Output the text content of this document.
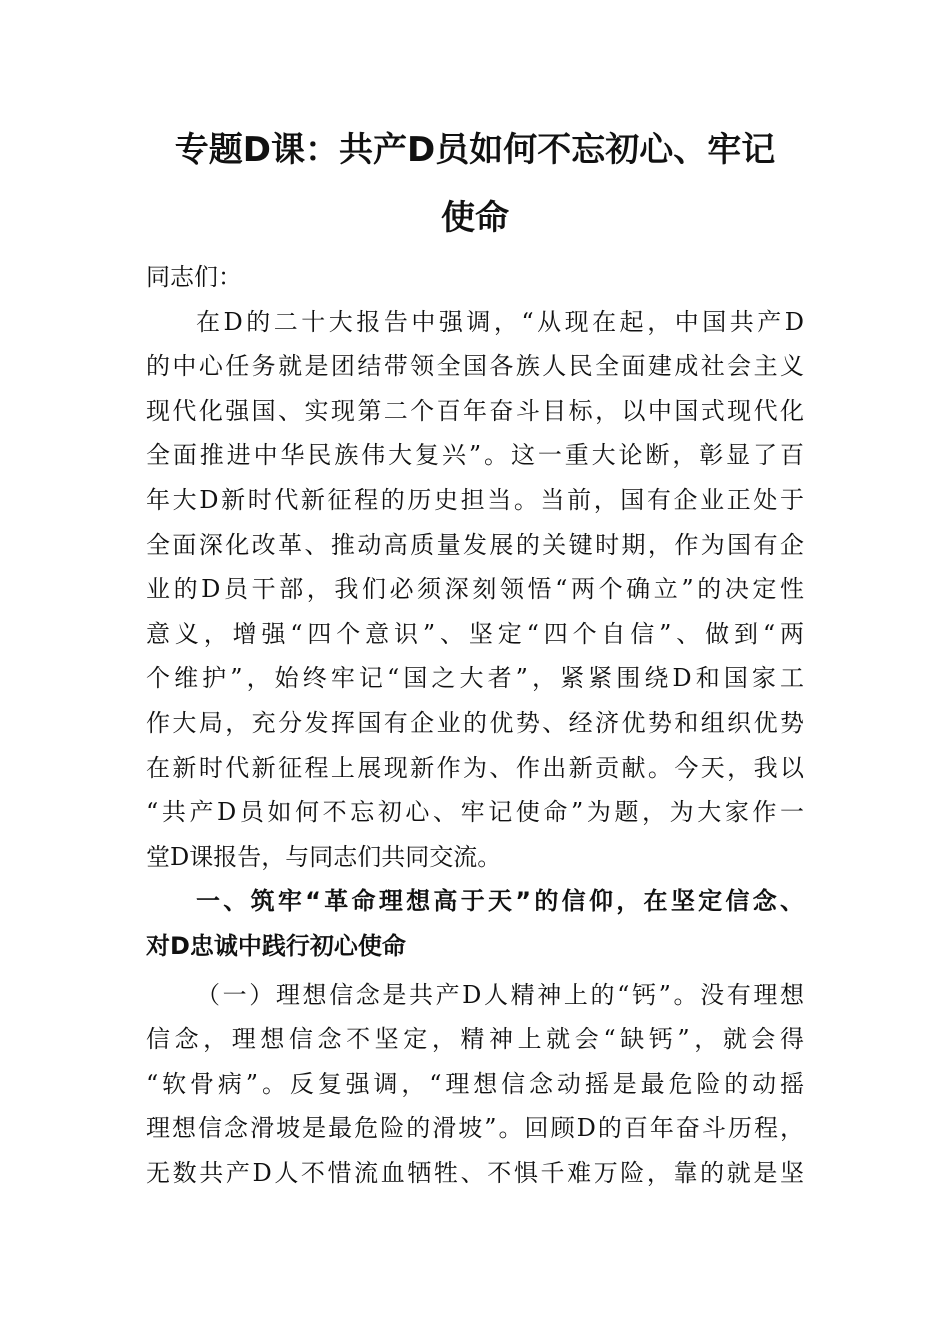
专题D课：共产D员如何不忘初心、牢记
使命
同志们：
在D的二十大报告中强调，“从现在起，中国共产D
的中心任务就是团结带领全国各族人民全面建成社会主义
现代化强国、实现第二个百年奋斗目标，以中国式现代化
全面推进中华民族伟大复兴”。这一重大论断，彰显了百
年大D新时代新征程的历史担当。当前，国有企业正处于
全面深化改革、推动高质量发展的关键时期，作为国有企
业的D员干部，我们必须深刻领悟“两个确立”的决定性
意义，增强“四个意识”、坚定“四个自信”、做到“两
个维护”，始终牢记“国之大者”，紧紧围绕D和国家工
作大局，充分发挥国有企业的优势、经济优势和组织优势
在新时代新征程上展现新作为、作出新贡献。今天，我以
“共产D员如何不忘初心、牢记使命”为题，为大家作一
堂D课报告，与同志们共同交流。
一、筑牢“革命理想高于天”的信仰，在坚定信念、
对D忠诚中践行初心使命
（一）理想信念是共产D人精神上的“钙”。没有理想
信念，理想信念不坚定，精神上就会“缺钙”，就会得
“软骨病”。反复强调，“理想信念动摇是最危险的动摇
理想信念滑坡是最危险的滑坡”。回顾D的百年奋斗历程，
无数共产D人不惜流血牺牲、不惧千难万险，靠的就是坚
